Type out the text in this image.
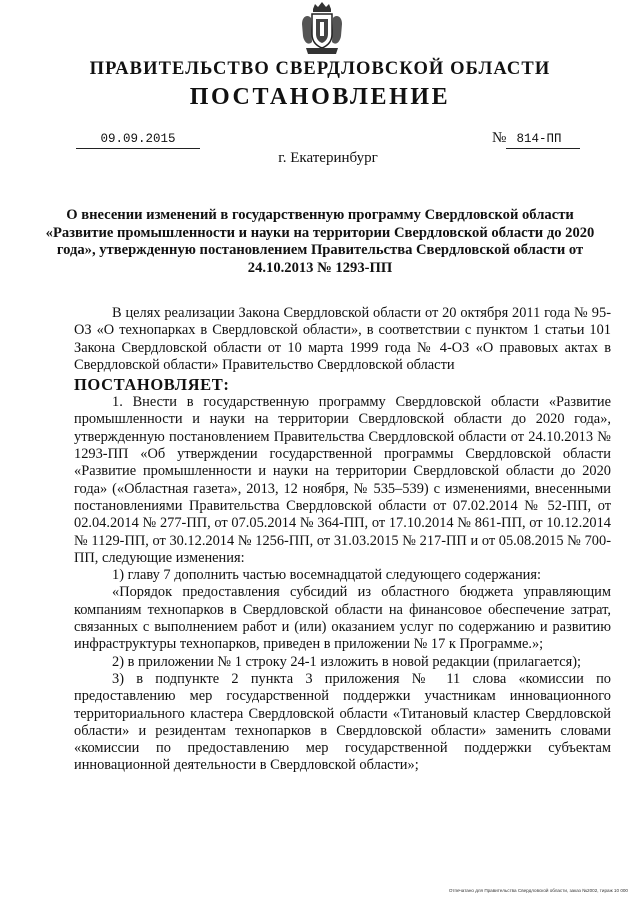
ПРАВИТЕЛЬСТВО СВЕРДЛОВСКОЙ ОБЛАСТИ
ПОСТАНОВЛЕНИЕ
09.09.2015	№ 814-ПП
г. Екатеринбург
О внесении изменений в государственную программу Свердловской области «Развитие промышленности и науки на территории Свердловской области до 2020 года», утвержденную постановлением Правительства Свердловской области от 24.10.2013 № 1293-ПП

В целях реализации Закона Свердловской области от 20 октября 2011 года № 95-ОЗ «О технопарках в Свердловской области», в соответствии с пунктом 1 статьи 101 Закона Свердловской области от 10 марта 1999 года № 4-ОЗ «О правовых актах в Свердловской области» Правительство Свердловской области

ПОСТАНОВЛЯЕТ:

1. Внести в государственную программу Свердловской области «Развитие промышленности и науки на территории Свердловской области до 2020 года», утвержденную постановлением Правительства Свердловской области от 24.10.2013 № 1293-ПП «Об утверждении государственной программы Свердловской области «Развитие промышленности и науки на территории Свердловской области до 2020 года» («Областная газета», 2013, 12 ноября, № 535–539) с изменениями, внесенными постановлениями Правительства Свердловской области от 07.02.2014 № 52-ПП, от 02.04.2014 № 277-ПП, от 07.05.2014 № 364-ПП, от 17.10.2014 № 861-ПП, от 10.12.2014 № 1129-ПП, от 30.12.2014 № 1256-ПП, от 31.03.2015 № 217-ПП и от 05.08.2015 № 700-ПП, следующие изменения:

1) главу 7 дополнить частью восемнадцатой следующего содержания:

«Порядок предоставления субсидий из областного бюджета управляющим компаниям технопарков в Свердловской области на финансовое обеспечение затрат, связанных с выполнением работ и (или) оказанием услуг по содержанию и развитию инфраструктуры технопарков, приведен в приложении № 17 к Программе.»;

2) в приложении № 1 строку 24-1 изложить в новой редакции (прилагается);

3) в подпункте 2 пункта 3 приложения № 11 слова «комиссии по предоставлению мер государственной поддержки участникам инновационного территориального кластера Свердловской области «Титановый кластер Свердловской области» и резидентам технопарков в Свердловской области» заменить словами «комиссии по предоставлению мер государственной поддержки субъектам инновационной деятельности в Свердловской области»;

Отпечатано для Правительства Свердловской области, заказ №2002, тираж 10 000
